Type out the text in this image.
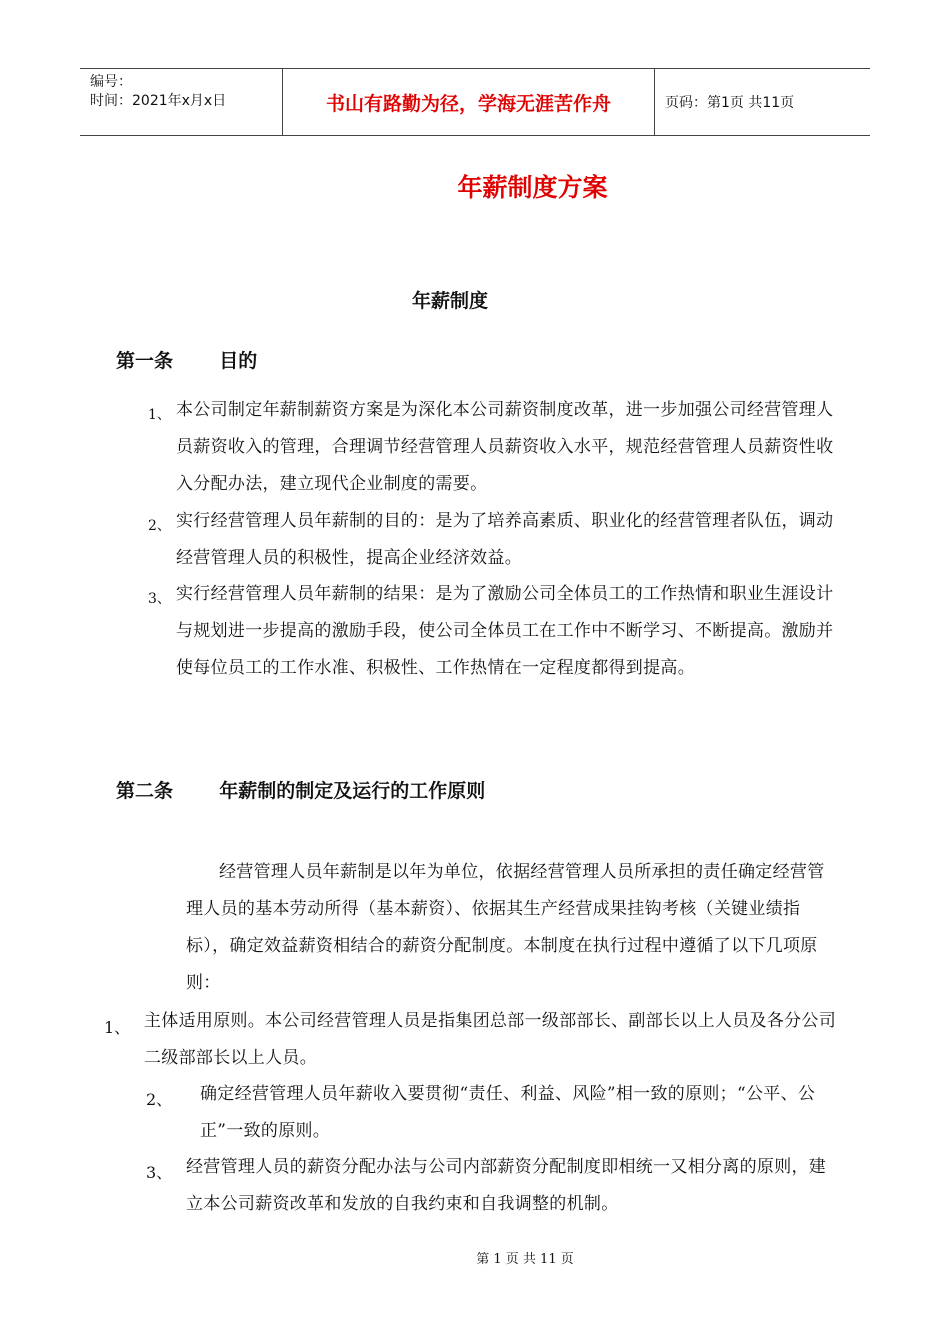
编号：
时间：2021年x月x日	书山有路勤为径，学海无涯苦作舟	页码：第1页 共11页
年薪制度方案
年薪制度
第一条       目的
1、 本公司制定年薪制薪资方案是为深化本公司薪资制度改革，进一步加强公司经营管理人员薪资收入的管理，合理调节经营管理人员薪资收入水平，规范经营管理人员薪资性收入分配办法，建立现代企业制度的需要。
2、 实行经营管理人员年薪制的目的：是为了培养高素质、职业化的经营管理者队伍，调动经营管理人员的积极性，提高企业经济效益。
3、 实行经营管理人员年薪制的结果：是为了激励公司全体员工的工作热情和职业生涯设计与规划进一步提高的激励手段，使公司全体员工在工作中不断学习、不断提高。激励并使每位员工的工作水准、积极性、工作热情在一定程度都得到提高。
第二条       年薪制的制定及运行的工作原则
经营管理人员年薪制是以年为单位，依据经营管理人员所承担的责任确定经营管理人员的基本劳动所得（基本薪资）、依据其生产经营成果挂钩考核（关键业绩指标），确定效益薪资相结合的薪资分配制度。本制度在执行过程中遵循了以下几项原则：
1、 主体适用原则。本公司经营管理人员是指集团总部一级部部长、副部长以上人员及各分公司二级部部长以上人员。
2、 确定经营管理人员年薪收入要贯彻“责任、利益、风险”相一致的原则；“公平、公正”一致的原则。
3、 经营管理人员的薪资分配办法与公司内部薪资分配制度即相统一又相分离的原则，建立本公司薪资改革和发放的自我约束和自我调整的机制。
第 1 页 共 11 页
